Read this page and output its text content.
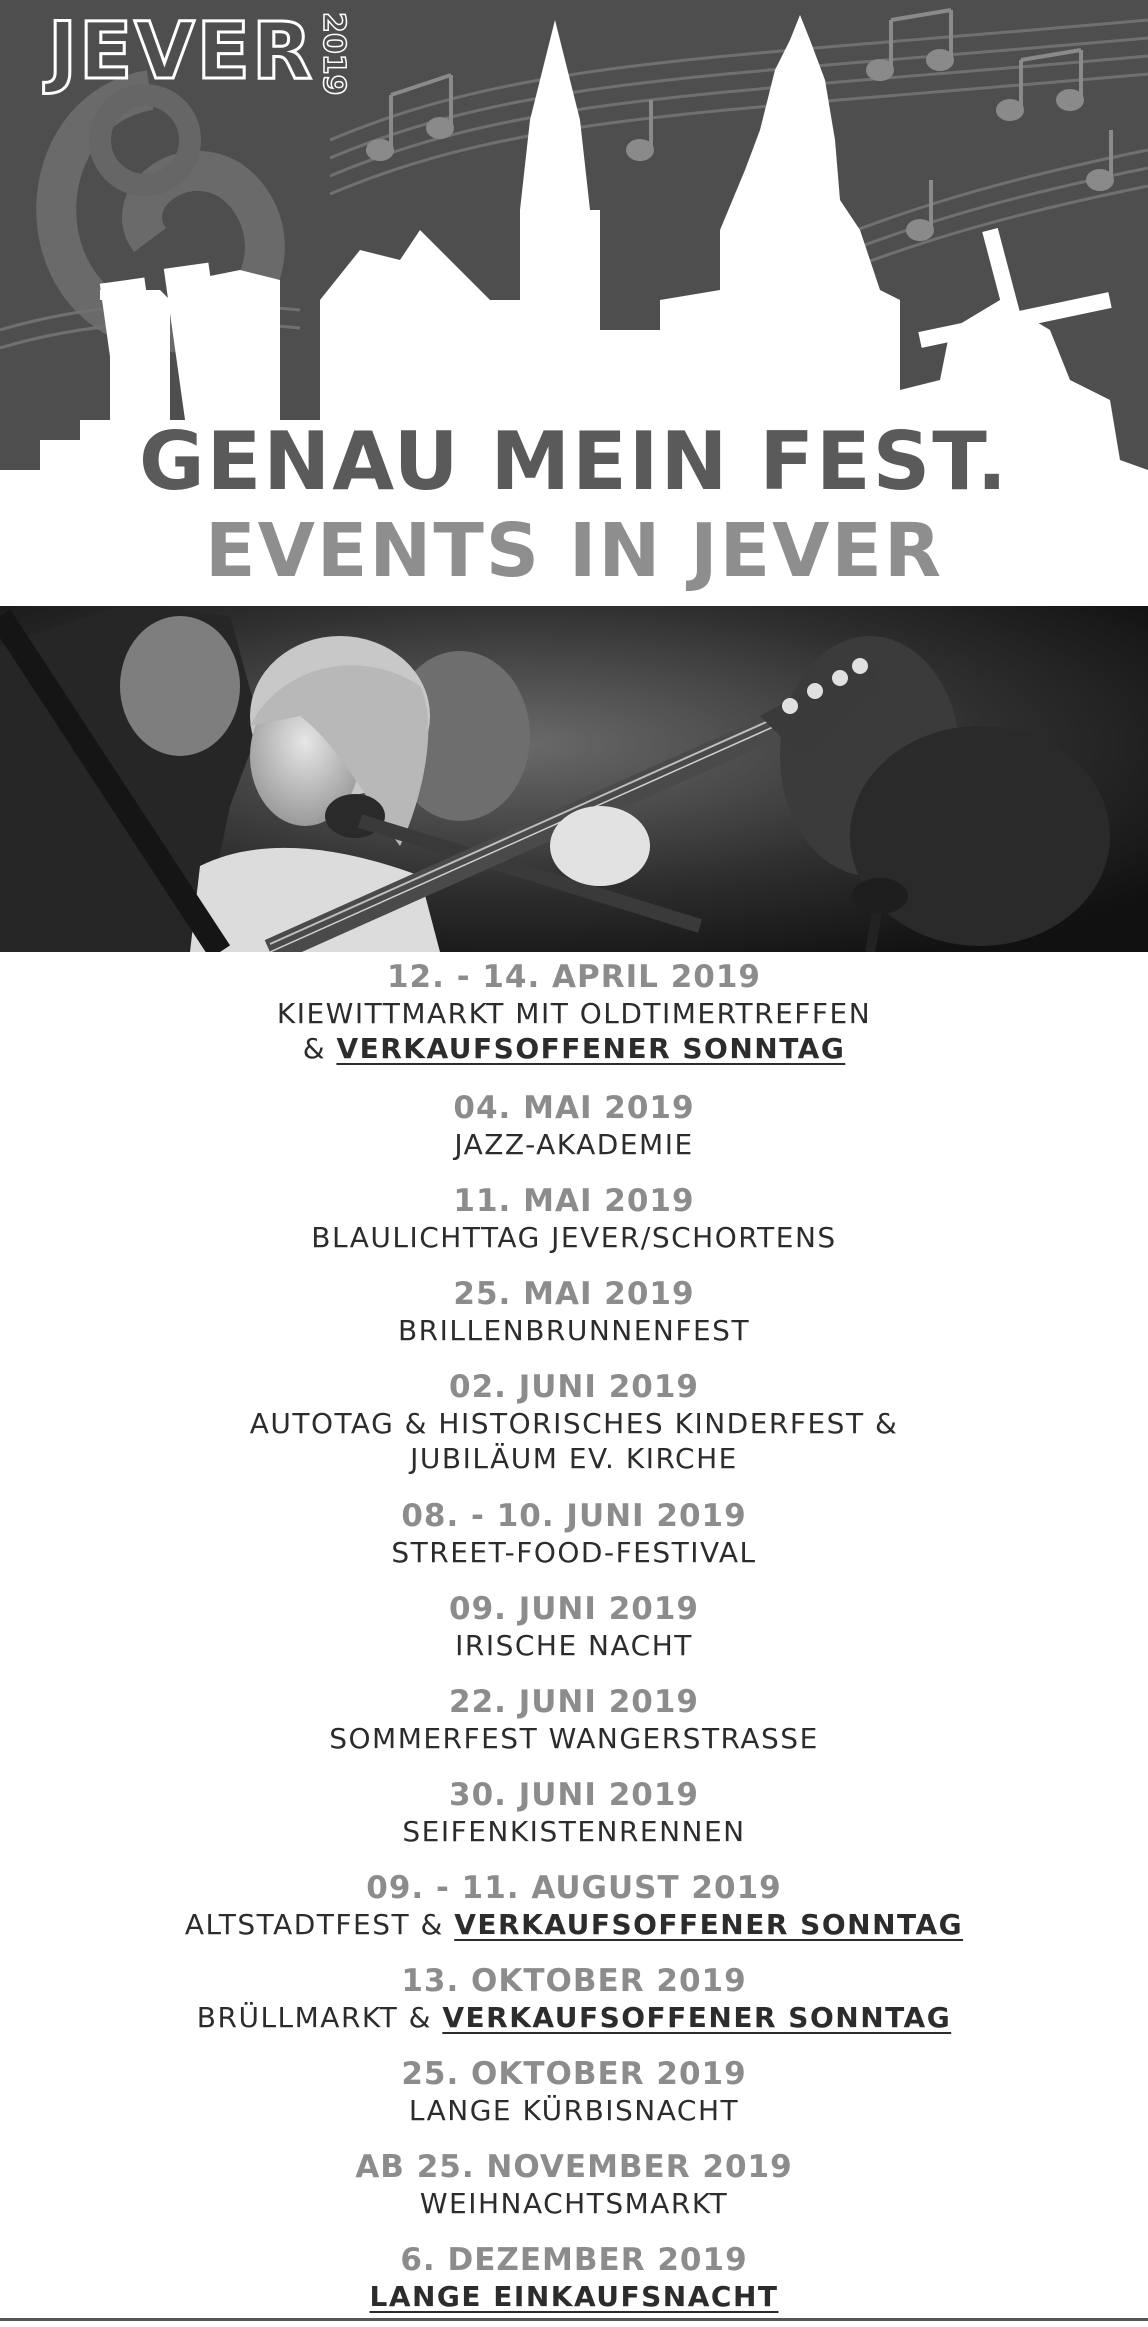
JEVER 2019
GENAU MEIN FEST.
EVENTS IN JEVER
12. - 14. APRIL 2019
KIEWITTMARKT MIT OLDTIMERTREFFEN
& VERKAUFSOFFENER SONNTAG
04. MAI 2019
JAZZ-AKADEMIE
11. MAI 2019
BLAULICHTTAG JEVER/SCHORTENS
25. MAI 2019
BRILLENBRUNNENFEST
02. JUNI 2019
AUTOTAG & HISTORISCHES KINDERFEST &
JUBILÄUM EV. KIRCHE
08. - 10. JUNI 2019
STREET-FOOD-FESTIVAL
09. JUNI 2019
IRISCHE NACHT
22. JUNI 2019
SOMMERFEST WANGERSTRASSE
30. JUNI 2019
SEIFENKISTENRENNEN
09. - 11. AUGUST 2019
ALTSTADTFEST & VERKAUFSOFFENER SONNTAG
13. OKTOBER 2019
BRÜLLMARKT & VERKAUFSOFFENER SONNTAG
25. OKTOBER 2019
LANGE KÜRBISNACHT
AB 25. NOVEMBER 2019
WEIHNACHTSMARKT
6. DEZEMBER 2019
LANGE EINKAUFSNACHT
